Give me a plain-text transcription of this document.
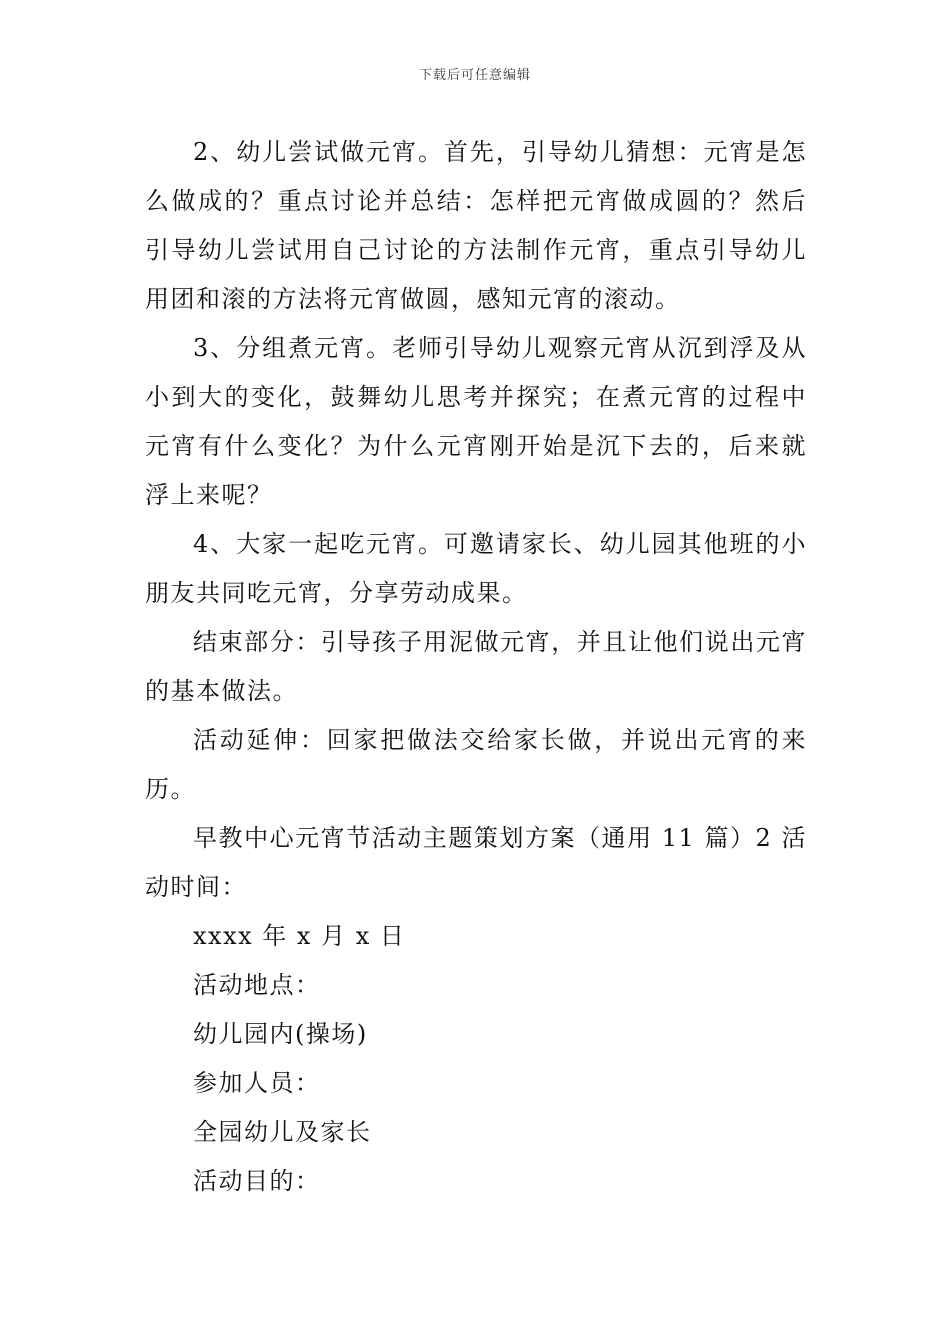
下载后可任意编辑

2、幼儿尝试做元宵。首先，引导幼儿猜想：元宵是怎么做成的？重点讨论并总结：怎样把元宵做成圆的？然后引导幼儿尝试用自己讨论的方法制作元宵，重点引导幼儿用团和滚的方法将元宵做圆，感知元宵的滚动。

3、分组煮元宵。老师引导幼儿观察元宵从沉到浮及从小到大的变化，鼓舞幼儿思考并探究；在煮元宵的过程中元宵有什么变化？为什么元宵刚开始是沉下去的，后来就浮上来呢？

4、大家一起吃元宵。可邀请家长、幼儿园其他班的小朋友共同吃元宵，分享劳动成果。

结束部分：引导孩子用泥做元宵，并且让他们说出元宵的基本做法。

活动延伸：回家把做法交给家长做，并说出元宵的来历。

早教中心元宵节活动主题策划方案（通用 11 篇）2 活动时间：

xxxx 年 x 月 x 日

活动地点：

幼儿园内(操场)

参加人员：

全园幼儿及家长

活动目的：
